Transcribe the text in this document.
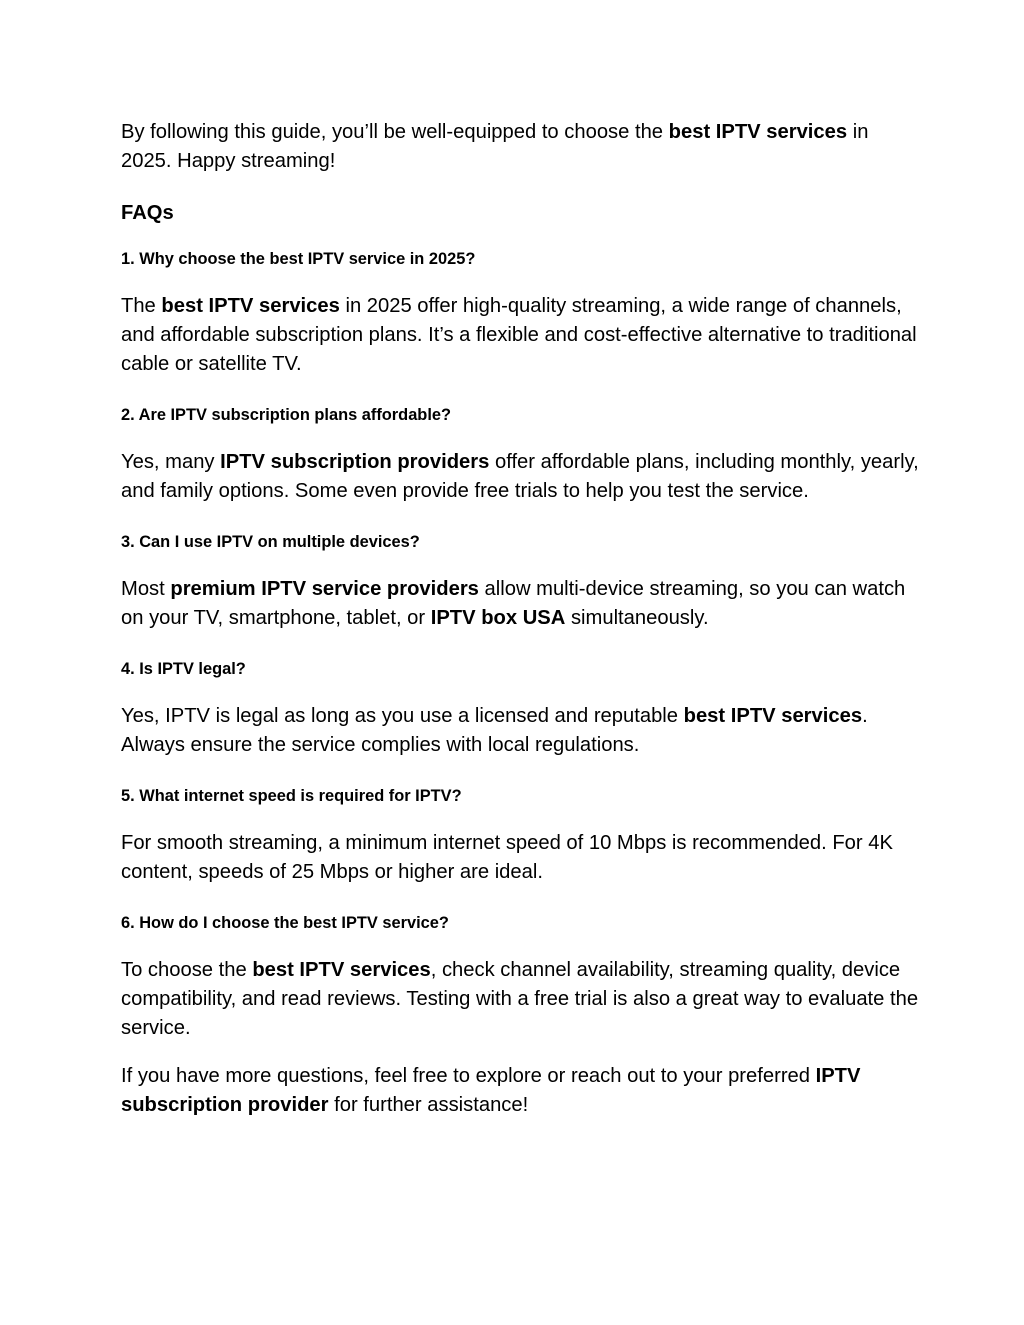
By following this guide, you’ll be well-equipped to choose the best IPTV services in 2025. Happy streaming!

FAQs

1. Why choose the best IPTV service in 2025?

The best IPTV services in 2025 offer high-quality streaming, a wide range of channels, and affordable subscription plans. It’s a flexible and cost-effective alternative to traditional cable or satellite TV.

2. Are IPTV subscription plans affordable?

Yes, many IPTV subscription providers offer affordable plans, including monthly, yearly, and family options. Some even provide free trials to help you test the service.

3. Can I use IPTV on multiple devices?

Most premium IPTV service providers allow multi-device streaming, so you can watch on your TV, smartphone, tablet, or IPTV box USA simultaneously.

4. Is IPTV legal?

Yes, IPTV is legal as long as you use a licensed and reputable best IPTV services. Always ensure the service complies with local regulations.

5. What internet speed is required for IPTV?

For smooth streaming, a minimum internet speed of 10 Mbps is recommended. For 4K content, speeds of 25 Mbps or higher are ideal.

6. How do I choose the best IPTV service?

To choose the best IPTV services, check channel availability, streaming quality, device compatibility, and read reviews. Testing with a free trial is also a great way to evaluate the service.

If you have more questions, feel free to explore or reach out to your preferred IPTV subscription provider for further assistance!
